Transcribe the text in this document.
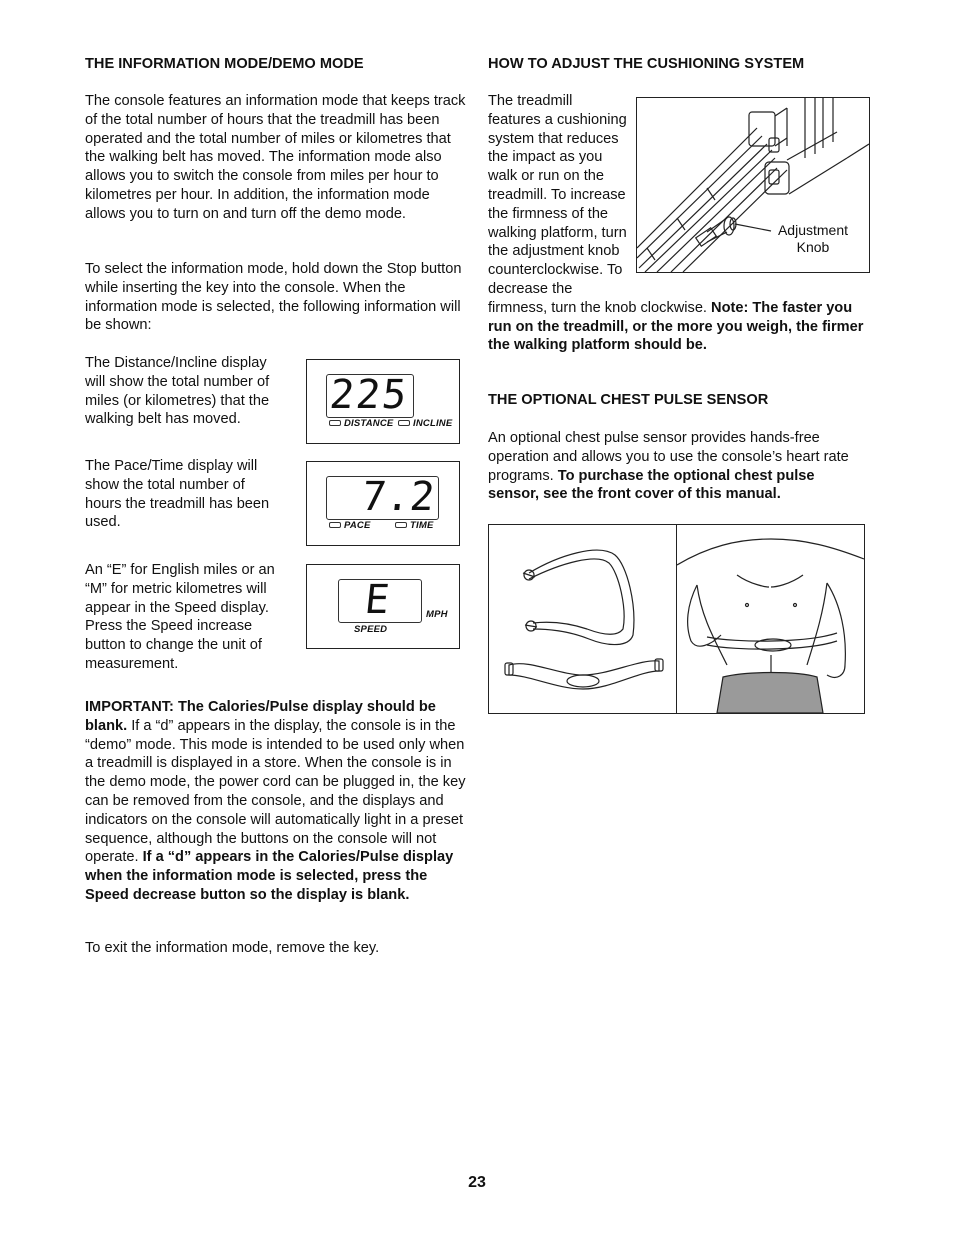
THE INFORMATION MODE/DEMO MODE
The console features an information mode that keeps track of the total number of hours that the treadmill has been operated and the total number of miles or kilometres that the walking belt has moved. The information mode also allows you to switch the console from miles per hour to kilometres per hour. In addition, the information mode allows you to turn on and turn off the demo mode.
To select the information mode, hold down the Stop button while inserting the key into the console. When the information mode is selected, the following information will be shown:
The Distance/Incline display will show the total number of miles (or kilometres) that the walking belt has moved.
The Pace/Time display will show the total number of hours the treadmill has been used.
An “E” for English miles or an “M” for metric kilometres will appear in the Speed display. Press the Speed increase button to change the unit of measurement.
IMPORTANT: The Calories/Pulse display should be blank. If a “d” appears in the display, the console is in the “demo” mode. This mode is intended to be used only when a treadmill is displayed in a store. When the console is in the demo mode, the power cord can be plugged in, the key can be removed from the console, and the displays and indicators on the console will automatically light in a preset sequence, although the buttons on the console will not operate. If a “d” appears in the Calories/Pulse display when the information mode is selected, press the Speed decrease button so the display is blank.
To exit the information mode, remove the key.
225
DISTANCE	INCLINE
7.2
PACE	TIME
E	MPH
SPEED
HOW TO ADJUST THE CUSHIONING SYSTEM
The treadmill features a cushioning system that reduces the impact as you walk or run on the treadmill. To increase the firmness of the walking platform, turn the adjustment knob counterclockwise. To decrease the firmness, turn the knob clockwise. Note: The faster you run on the treadmill, or the more you weigh, the firmer the walking platform should be.
Adjustment
Knob
THE OPTIONAL CHEST PULSE SENSOR
An optional chest pulse sensor provides hands-free operation and allows you to use the console’s heart rate programs. To purchase the optional chest pulse sensor, see the front cover of this manual.
23
